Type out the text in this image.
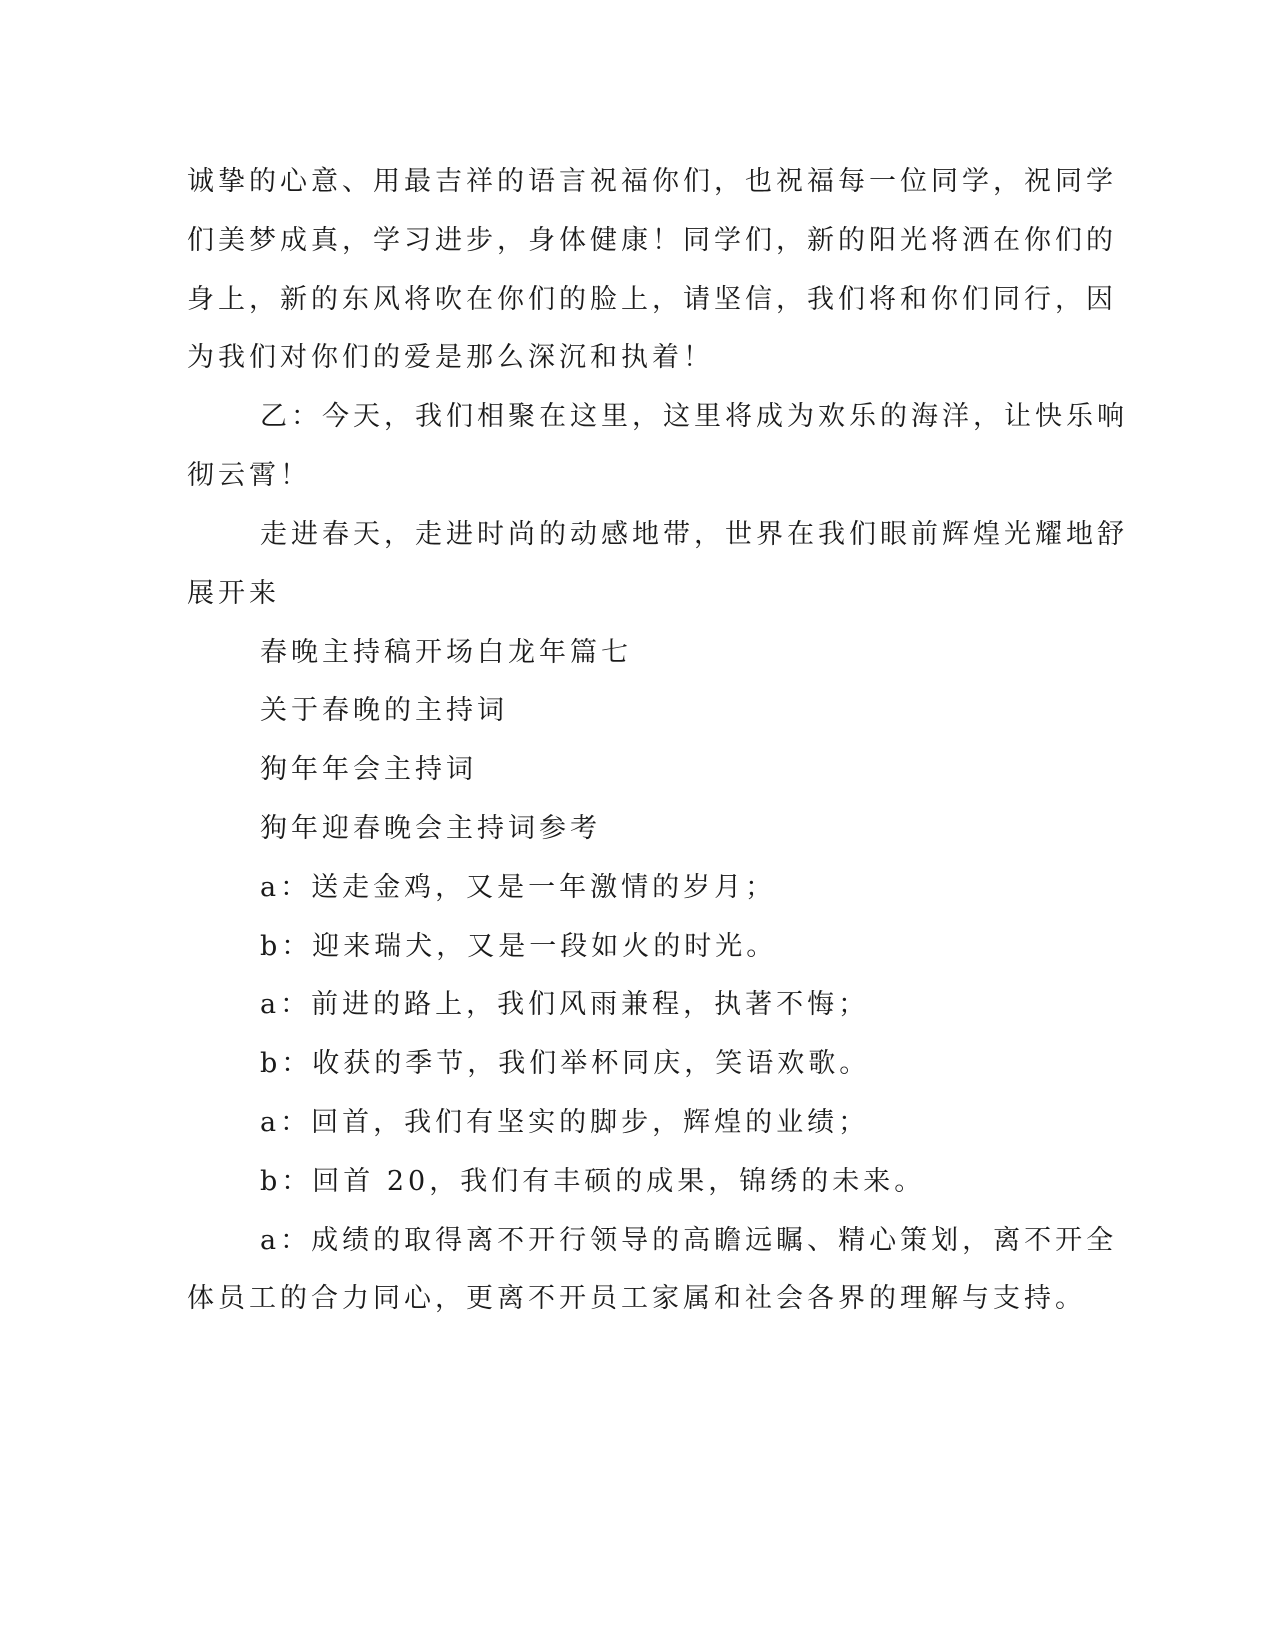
诚挚的心意、用最吉祥的语言祝福你们，也祝福每一位同学，祝同学

们美梦成真，学习进步，身体健康！同学们，新的阳光将洒在你们的

身上，新的东风将吹在你们的脸上，请坚信，我们将和你们同行，因

为我们对你们的爱是那么深沉和执着！

乙：今天，我们相聚在这里，这里将成为欢乐的海洋，让快乐响

彻云霄！

走进春天，走进时尚的动感地带，世界在我们眼前辉煌光耀地舒

展开来

春晚主持稿开场白龙年篇七

关于春晚的主持词

狗年年会主持词

狗年迎春晚会主持词参考

a：送走金鸡，又是一年激情的岁月；

b：迎来瑞犬，又是一段如火的时光。

a：前进的路上，我们风雨兼程，执著不悔；

b：收获的季节，我们举杯同庆，笑语欢歌。

a：回首，我们有坚实的脚步，辉煌的业绩；

b：回首 20，我们有丰硕的成果，锦绣的未来。

a：成绩的取得离不开行领导的高瞻远瞩、精心策划，离不开全

体员工的合力同心，更离不开员工家属和社会各界的理解与支持。
